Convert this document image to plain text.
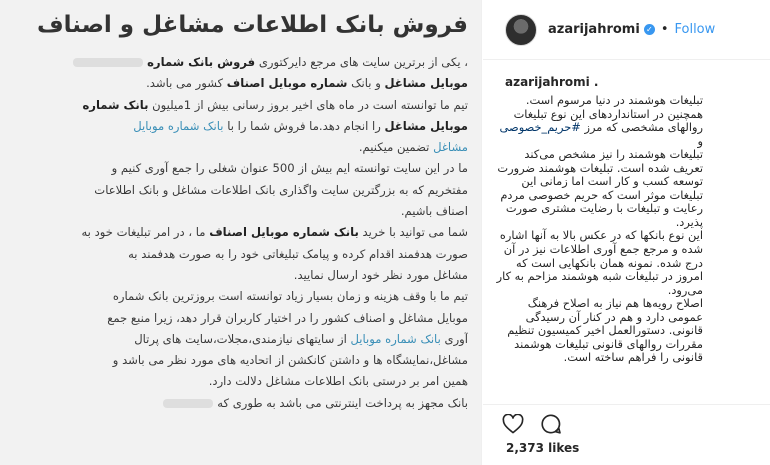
فروش بانک اطلاعات مشاغل و اصناف
، یکی از برترین سایت های مرجع دایرکتوری فروش بانک شماره
موبایل مشاغل و بانک شماره موبایل اصناف کشور می باشد.
تیم ما توانسته است در ماه های اخیر بروز رسانی بیش از 1میلیون بانک شماره
موبایل مشاغل را انجام دهد.ما فروش شما را با بانک شماره موبایل
مشاغل تضمین میکنیم.
ما در این سایت توانسته ایم بیش از 500 عنوان شغلی را جمع آوری کنیم و
مفتخریم که به بزرگترین سایت واگذاری بانک اطلاعات مشاغل و بانک اطلاعات
اصناف باشیم.
شما می توانید با خرید بانک شماره موبایل اصناف ما ، در امر تبلیغات خود به
صورت هدفمند اقدام کرده و پیامک تبلیغاتی خود را به صورت هدفمند به
مشاغل مورد نظر خود ارسال نمایید.
تیم ما با وقف هزینه و زمان بسیار زیاد توانسته است بروزترین بانک شماره
موبایل مشاغل و اصناف کشور را در اختیار کاربران قرار دهد، زیرا منبع جمع
آوری بانک شماره موبایل از سایتهای نیازمندی،مجلات،سایت های پرتال
مشاغل،نمایشگاه ها و داشتن کانکشن از اتحادیه های مورد نظر می باشد و
همین امر بر درستی بانک اطلاعات مشاغل دلالت دارد.
بانک مجهز به پرداخت اینترنتی می باشد به طوری که
azarijahromi ✓ • Follow
azarijahromi .
تبلیغات هوشمند در دنیا مرسوم است.
همچنین در استانداردهای این نوع تبلیغات
روالهای مشخصی که مرز #حریم_خصوصی و
تبلیغات هوشمند را نیز مشخص می‌کند
تعریف شده است. تبلیغات هوشمند ضرورت
توسعه کسب و کار است اما زمانی این
تبلیغات موثر است که حریم خصوصی مردم
رعایت و تبلیغات با رضایت مشتری صورت
پذیرد.
این نوع بانکها که در عکس بالا به آنها اشاره
شده و مرجع جمع آوری اطلاعات نیز در آن
درج شده. نمونه همان بانکهایی است که
امروز در تبلیغات شبه هوشمند مزاحم به کار
می‌رود.
اصلاح رویه‌ها هم نیاز به اصلاح فرهنگ
عمومی دارد و هم در کنار آن رسیدگی
قانونی. دستورالعمل اخیر کمیسیون تنظیم
مقررات روالهای قانونی تبلیغات هوشمند
قانونی را فراهم ساخته است.
2,373 likes
